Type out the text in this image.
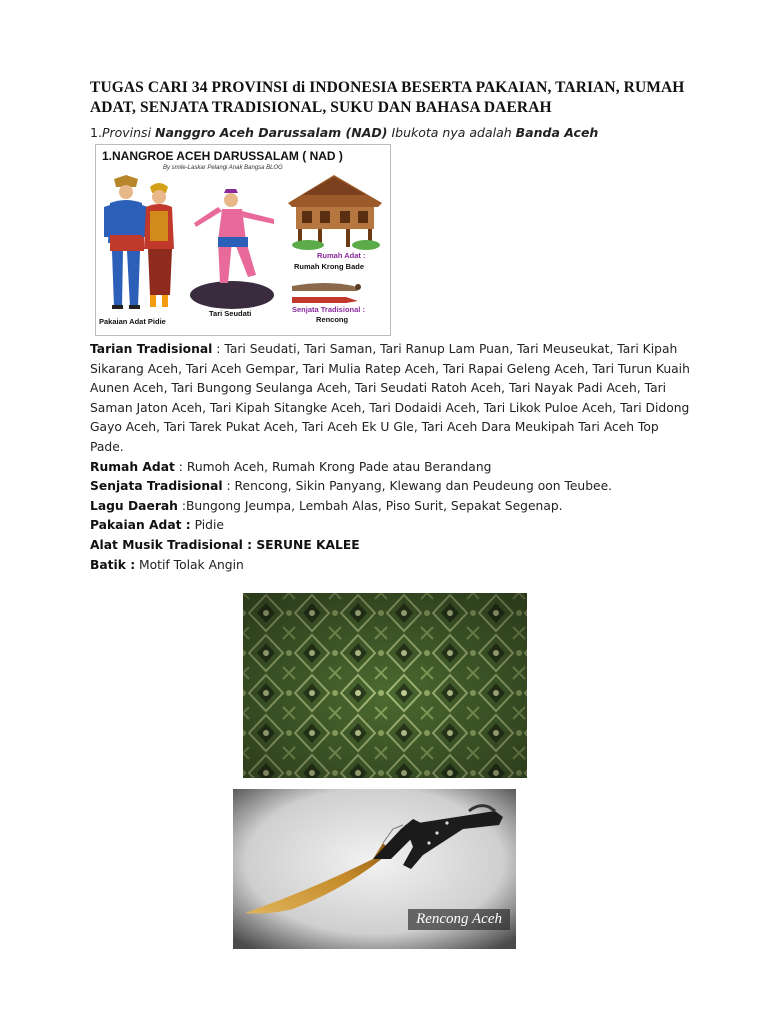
TUGAS CARI 34 PROVINSI di INDONESIA BESERTA PAKAIAN, TARIAN, RUMAH ADAT, SENJATA TRADISIONAL, SUKU DAN BAHASA DAERAH
1.Provinsi Nanggro Aceh Darussalam (NAD) Ibukota nya adalah Banda Aceh
1.NANGROE ACEH DARUSSALAM ( NAD )
By smile-Laskar Pelangi Anak Bangsa BLOG
Pakaian Adat Pidie
Tari Seudati
Rumah Adat :
Rumah Krong Bade
Senjata Tradisional :
Rencong

Tarian Tradisional : Tari Seudati, Tari Saman, Tari Ranup Lam Puan, Tari Meuseukat, Tari Kipah Sikarang Aceh, Tari Aceh Gempar, Tari Mulia Ratep Aceh, Tari Rapai Geleng Aceh, Tari Turun Kuaih Aunen Aceh, Tari Bungong Seulanga Aceh, Tari Seudati Ratoh Aceh, Tari Nayak Padi Aceh, Tari Saman Jaton Aceh, Tari Kipah Sitangke Aceh, Tari Dodaidi Aceh, Tari Likok Puloe Aceh, Tari Didong Gayo Aceh, Tari Tarek Pukat Aceh, Tari Aceh Ek U Gle, Tari Aceh Dara Meukipah Tari Aceh Top Pade.

Rumah Adat : Rumoh Aceh, Rumah Krong Pade atau Berandang

Senjata Tradisional : Rencong, Sikin Panyang, Klewang dan Peudeung oon Teubee.

Lagu Daerah :Bungong Jeumpa, Lembah Alas, Piso Surit, Sepakat Segenap.

Pakaian Adat : Pidie

Alat Musik Tradisional : SERUNE KALEE

Batik : Motif Tolak Angin

Rencong Aceh
